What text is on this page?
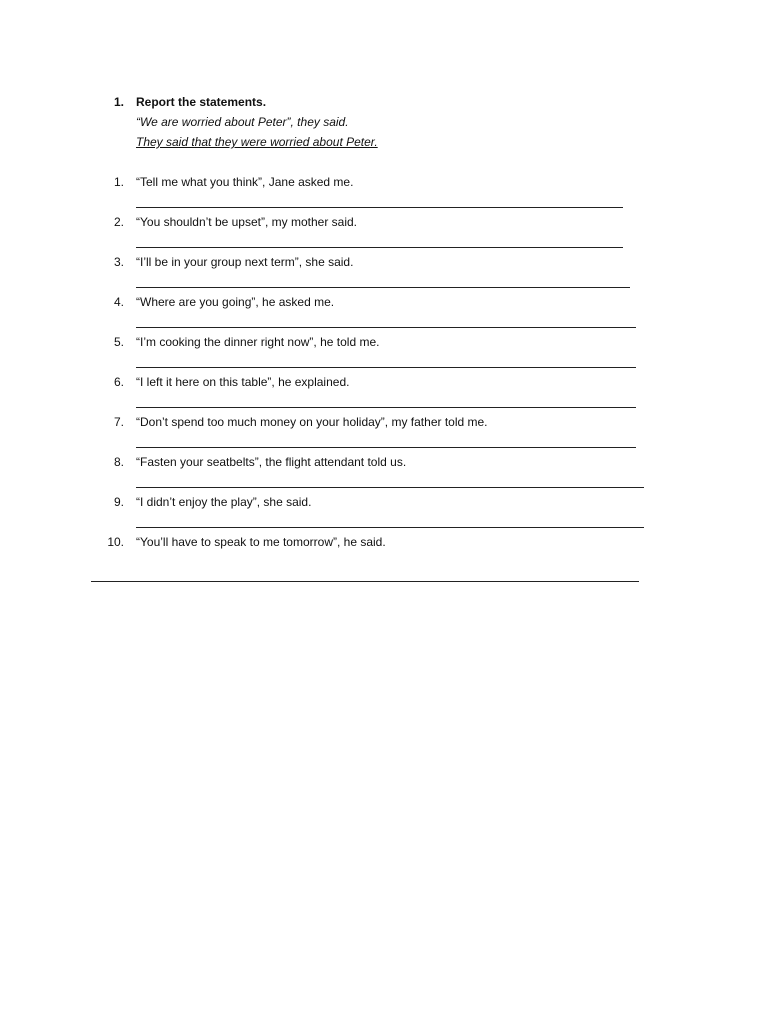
1. Report the statements.
“We are worried about Peter”, they said.
They said that they were worried about Peter.
1. “Tell me what you think”, Jane asked me.
2. “You shouldn’t be upset”, my mother said.
3. “I’ll be in your group next term”, she said.
4. “Where are you going”, he asked me.
5. “I’m cooking the dinner right now”, he told me.
6. “I left it here on this table”, he explained.
7. “Don’t spend too much money on your holiday”, my father told me.
8. “Fasten your seatbelts”, the flight attendant told us.
9. “I didn’t enjoy the play”, she said.
10. “You’ll have to speak to me tomorrow”, he said.
